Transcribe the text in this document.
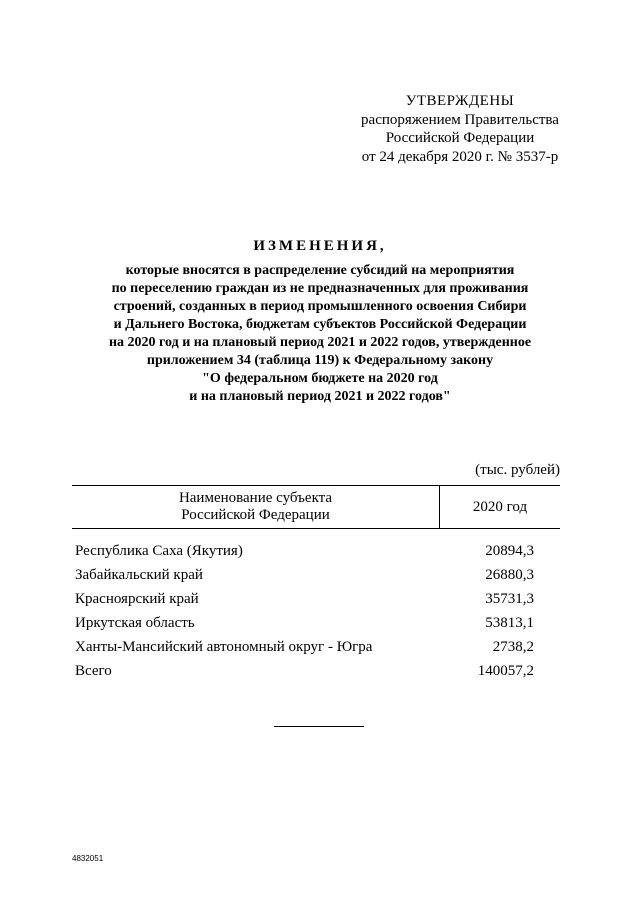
УТВЕРЖДЕНЫ
распоряжением Правительства
Российской Федерации
от 24 декабря 2020 г. № 3537-р
ИЗМЕНЕНИЯ,
которые вносятся в распределение субсидий на мероприятия
по переселению граждан из не предназначенных для проживания
строений, созданных в период промышленного освоения Сибири
и Дальнего Востока, бюджетам субъектов Российской Федерации
на 2020 год и на плановый период 2021 и 2022 годов, утвержденное
приложением 34 (таблица 119) к Федеральному закону
"О федеральном бюджете на 2020 год
и на плановый период 2021 и 2022 годов"
(тыс. рублей)
Наименование субъекта
Российской Федерации
2020 год
Республика Саха (Якутия)	20894,3
Забайкальский край	26880,3
Красноярский край	35731,3
Иркутская область	53813,1
Ханты-Мансийский автономный округ - Югра	2738,2
Всего	140057,2
4832051
